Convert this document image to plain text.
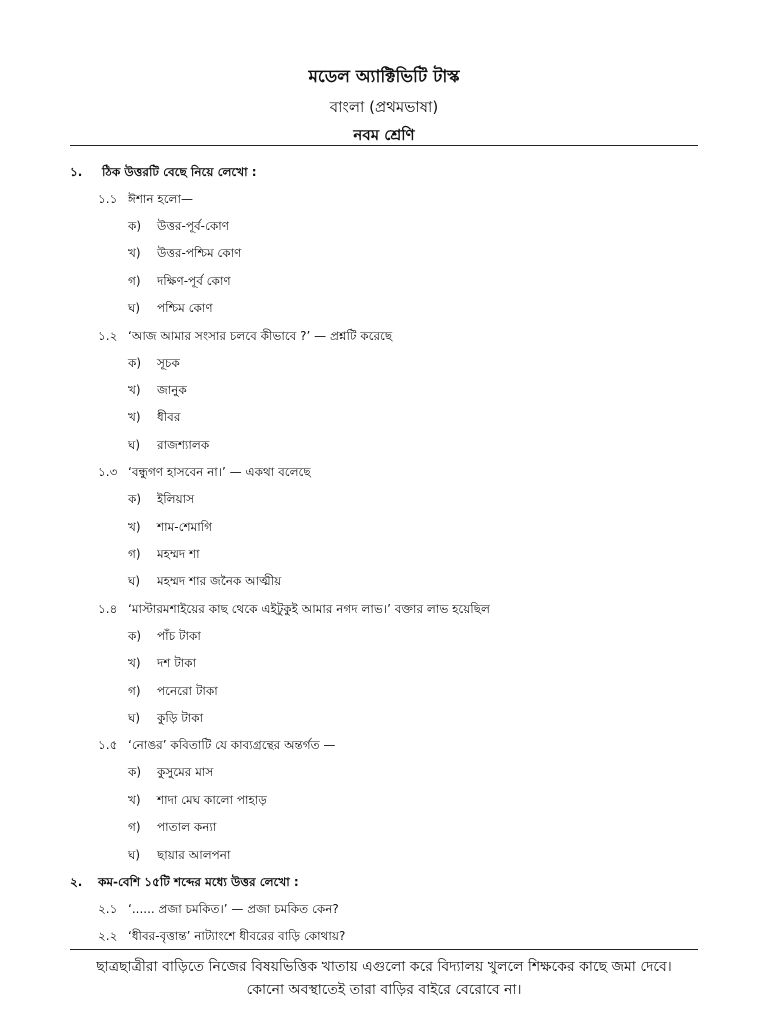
মডেল অ্যাক্টিভিটি টাস্ক
বাংলা (প্রথমভাষা)
নবম শ্রেণি
১. ঠিক উত্তরটি বেছে নিয়ে লেখো :
১.১ ঈশান হলো—
ক) উত্তর-পূর্ব-কোণ
খ) উত্তর-পশ্চিম কোণ
গ) দক্ষিণ-পূর্ব কোণ
ঘ) পশ্চিম কোণ
১.২ ‘আজ আমার সংসার চলবে কীভাবে ?’ — প্রশ্নটি করেছে
ক) সূচক
খ) জানুক
খ) ধীবর
ঘ) রাজশ্যালক
১.৩ ‘বন্ধুগণ হাসবেন না।’ — একথা বলেছে
ক) ইলিয়াস
খ) শাম-শেমাগি
গ) মহম্মদ শা
ঘ) মহম্মদ শার জনৈক আত্মীয়
১.৪ ‘মাস্টারমশাইয়ের কাছ থেকে এইটুকুই আমার নগদ লাভ।’ বক্তার লাভ হয়েছিল
ক) পাঁচ টাকা
খ) দশ টাকা
গ) পনেরো টাকা
ঘ) কুড়ি টাকা
১.৫ ‘নোঙর’ কবিতাটি যে কাব্যগ্রন্থের অন্তর্গত —
ক) কুসুমের মাস
খ) শাদা মেঘ কালো পাহাড়
গ) পাতাল কন্যা
ঘ) ছায়ার আলপনা
২. কম-বেশি ১৫টি শব্দের মধ্যে উত্তর লেখো :
২.১ ‘...... প্রজা চমকিত।’ — প্রজা চমকিত কেন?
২.২ ‘ধীবর-বৃত্তান্ত’ নাট্যাংশে ধীবরের বাড়ি কোথায়?
ছাত্রছাত্রীরা বাড়িতে নিজের বিষয়ভিত্তিক খাতায় এগুলো করে বিদ্যালয় খুললে শিক্ষকের কাছে জমা দেবে।
কোনো অবস্থাতেই তারা বাড়ির বাইরে বেরোবে না।
